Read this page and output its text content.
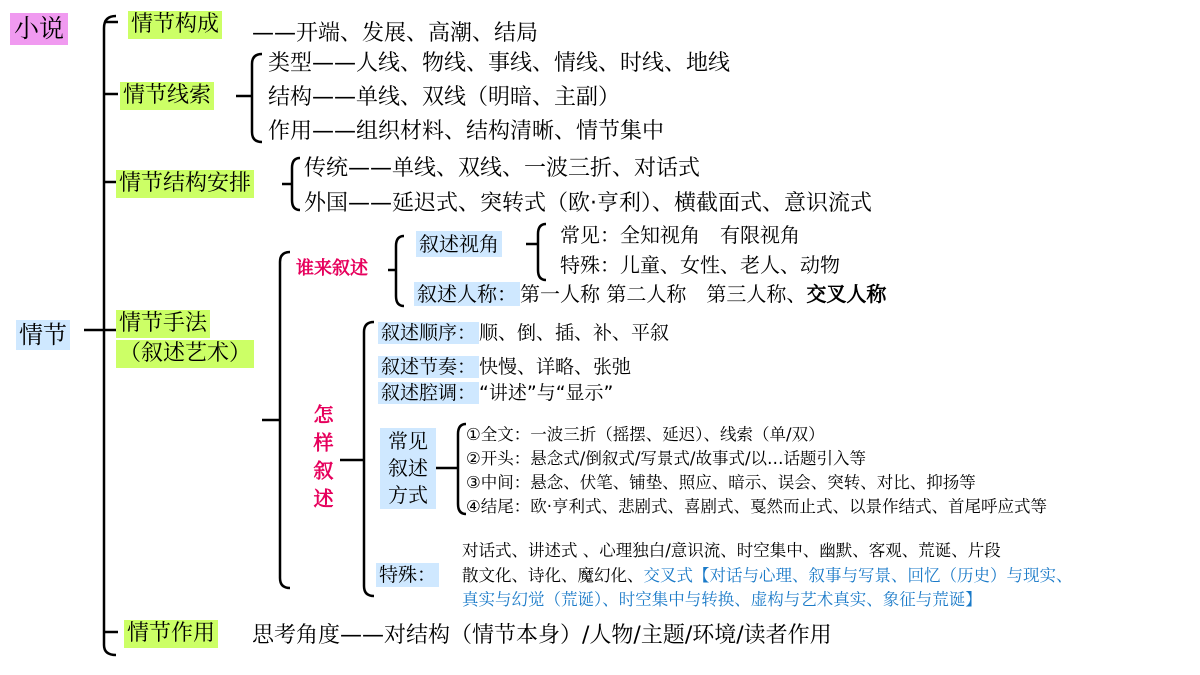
小说
情节
情节构成 ——开端、发展、高潮、结局
情节线索
类型——人线、物线、事线、情线、时线、地线
结构——单线、双线（明暗、主副）
作用——组织材料、结构清晰、情节集中
情节结构安排
传统——单线、双线、一波三折、对话式
外国——延迟式、突转式（欧·亨利）、横截面式、意识流式
情节手法
（叙述艺术）
谁来叙述
叙述视角	常见：全知视角　有限视角
特殊：儿童、女性、老人、动物
叙述人称： 第一人称 第二人称　第三人称、交叉人称
怎样叙述
叙述顺序： 顺、倒、插、补、平叙
叙述节奏： 快慢、详略、张弛
叙述腔调： “讲述”与“显示”
常见叙述方式
①全文：一波三折（摇摆、延迟）、线索（单/双）
②开头：悬念式/倒叙式/写景式/故事式/以…话题引入等
③中间：悬念、伏笔、铺垫、照应、暗示、误会、突转、对比、抑扬等
④结尾：欧·亨利式、悲剧式、喜剧式、戛然而止式、以景作结式、首尾呼应式等
特殊：
对话式、讲述式 、心理独白/意识流、时空集中、幽默、客观、荒诞、片段
散文化、诗化、魔幻化、交叉式【对话与心理、叙事与写景、回忆（历史）与现实、
真实与幻觉（荒诞）、时空集中与转换、虚构与艺术真实、象征与荒诞】
情节作用 思考角度——对结构（情节本身）/人物/主题/环境/读者作用
